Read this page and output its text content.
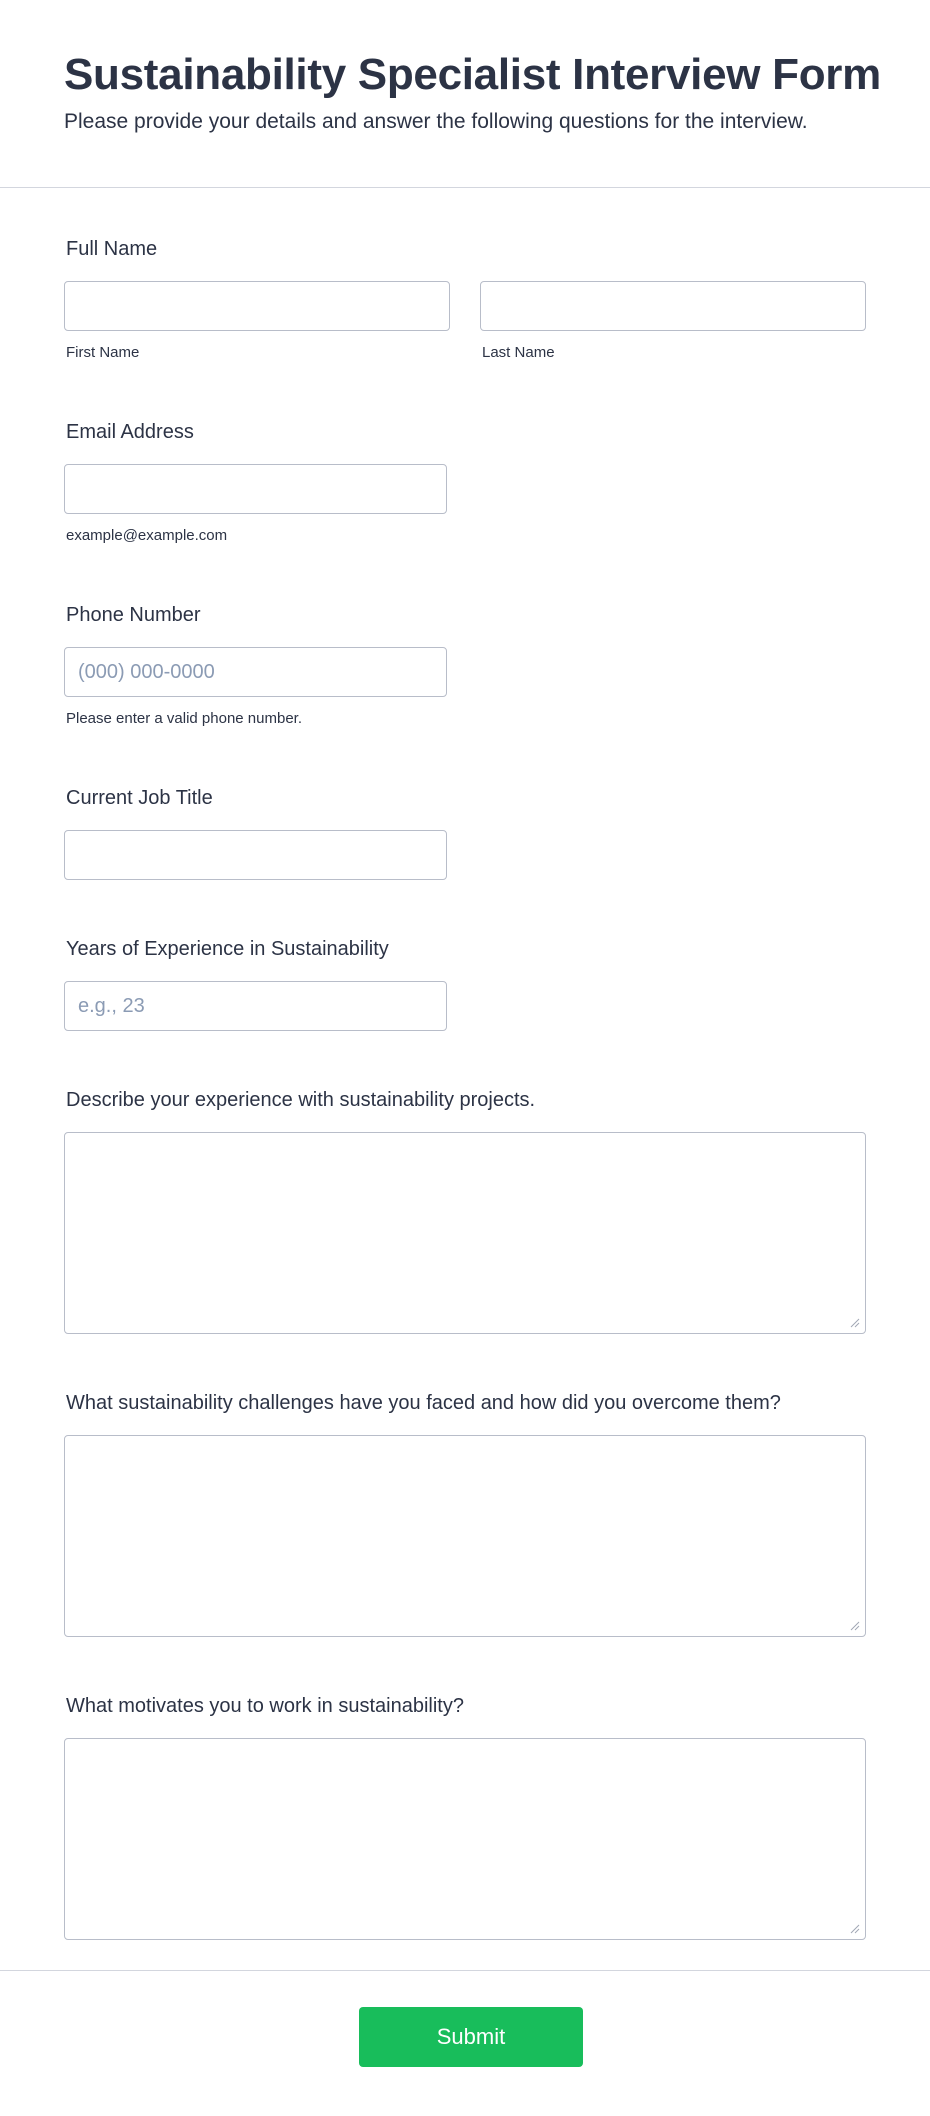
Sustainability Specialist Interview Form
Please provide your details and answer the following questions for the interview.
Full Name
First Name	Last Name
Email Address
example@example.com
Phone Number
(000) 000-0000
Please enter a valid phone number.
Current Job Title
Years of Experience in Sustainability
e.g., 23
Describe your experience with sustainability projects.
What sustainability challenges have you faced and how did you overcome them?
What motivates you to work in sustainability?
Submit
